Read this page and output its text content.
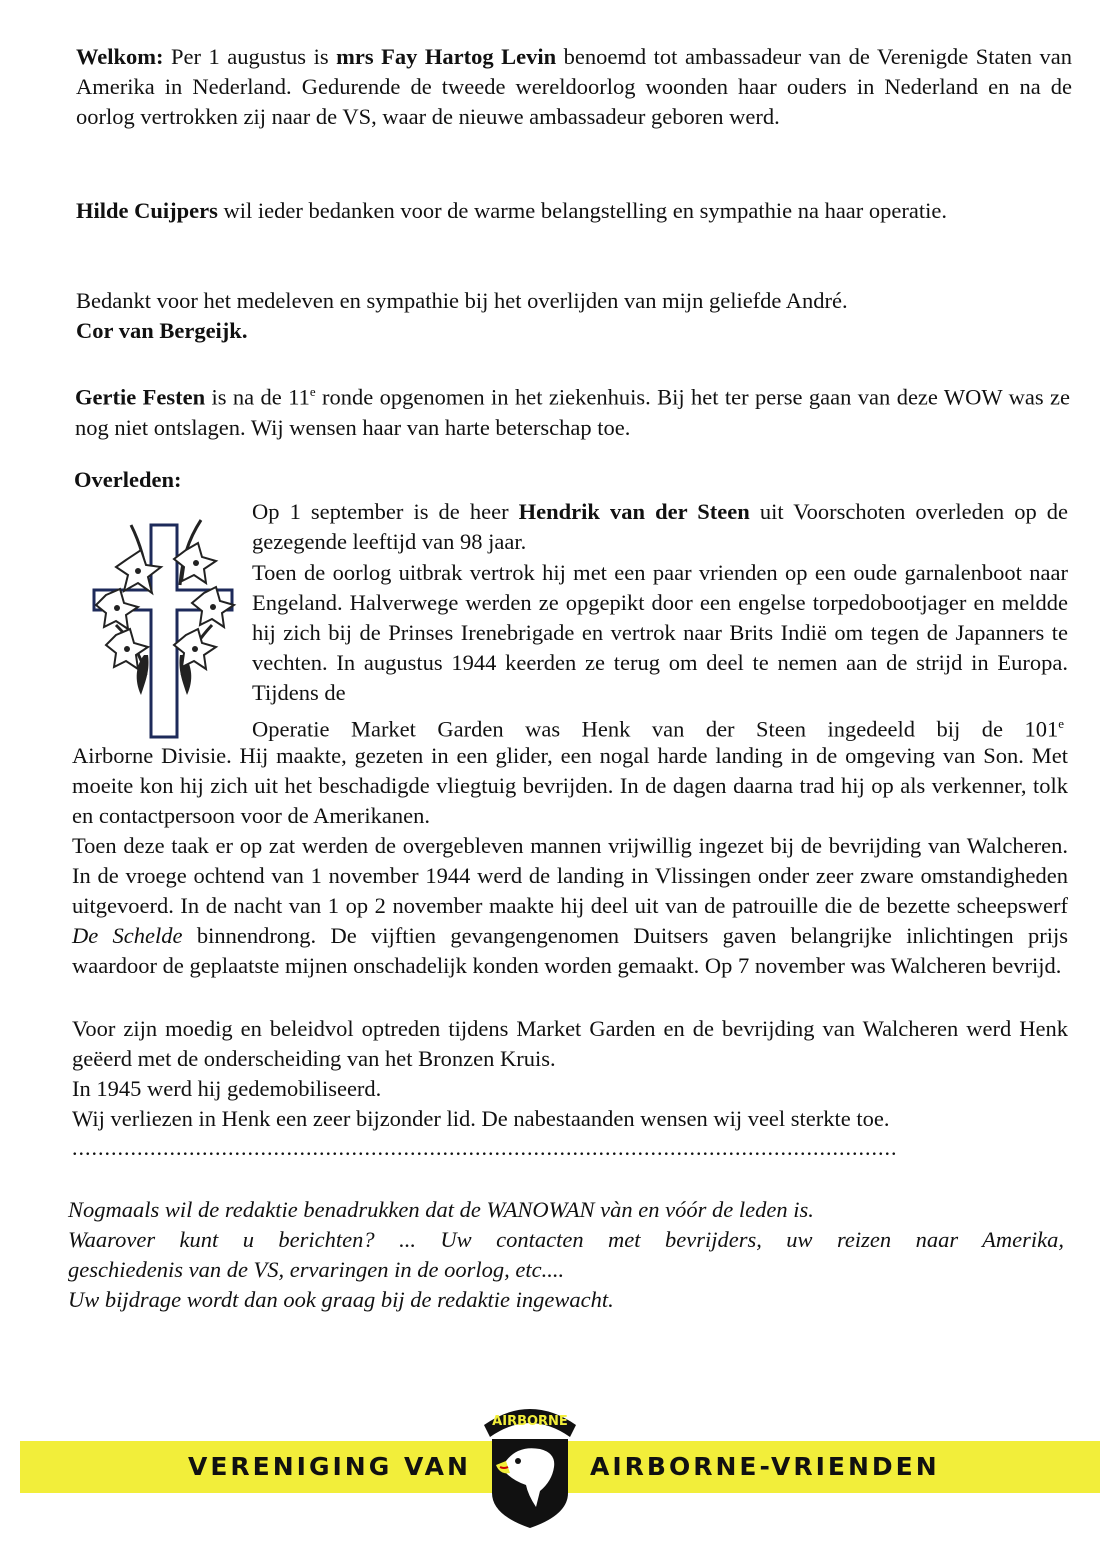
Welkom: Per 1 augustus is mrs Fay Hartog Levin benoemd tot ambassadeur van de Verenigde Staten van Amerika in Nederland. Gedurende de tweede wereldoorlog woonden haar ouders in Nederland en na de oorlog vertrokken zij naar de VS, waar de nieuwe ambassadeur geboren werd.
Hilde Cuijpers wil ieder bedanken voor de warme belangstelling en sympathie na haar operatie.
Bedankt voor het medeleven en sympathie bij het overlijden van mijn geliefde André.
Cor van Bergeijk.
Gertie Festen is na de 11e ronde opgenomen in het ziekenhuis. Bij het ter perse gaan van deze WOW was ze nog niet ontslagen. Wij wensen haar van harte beterschap toe.
Overleden:
Op 1 september is de heer Hendrik van der Steen uit Voorschoten overleden op de gezegende leeftijd van 98 jaar.
Toen de oorlog uitbrak vertrok hij met een paar vrienden op een oude garnalenboot naar Engeland. Halverwege werden ze opgepikt door een engelse torpedobootjager en meldde hij zich bij de Prinses Irenebrigade en vertrok naar Brits Indië om tegen de Japanners te vechten. In augustus 1944 keerden ze terug om deel te nemen aan de strijd in Europa. Tijdens de
Operatie Market Garden was Henk van der Steen ingedeeld bij de 101e
Airborne Divisie. Hij maakte, gezeten in een glider, een nogal harde landing in de omgeving van Son. Met moeite kon hij zich uit het beschadigde vliegtuig bevrijden. In de dagen daarna trad hij op als verkenner, tolk en contactpersoon voor de Amerikanen.
Toen deze taak er op zat werden de overgebleven mannen vrijwillig ingezet bij de bevrijding van Walcheren. In de vroege ochtend van 1 november 1944 werd de landing in Vlissingen onder zeer zware omstandigheden uitgevoerd. In de nacht van 1 op 2 november maakte hij deel uit van de patrouille die de bezette scheepswerf De Schelde binnendrong. De vijftien gevangengenomen Duitsers gaven belangrijke inlichtingen prijs waardoor de geplaatste mijnen onschadelijk konden worden gemaakt. Op 7 november was Walcheren bevrijd.
Voor zijn moedig en beleidvol optreden tijdens Market Garden en de bevrijding van Walcheren werd Henk geëerd met de onderscheiding van het Bronzen Kruis.
In 1945 werd hij gedemobiliseerd.
Wij verliezen in Henk een zeer bijzonder lid. De nabestaanden wensen wij veel sterkte toe.
...............................................................................................................................
Nogmaals wil de redaktie benadrukken dat de WANOWAN vàn en vóór de leden is.
Waarover kunt u berichten? ... Uw contacten met bevrijders, uw reizen naar Amerika,
geschiedenis van de VS, ervaringen in de oorlog, etc....
Uw bijdrage wordt dan ook graag bij de redaktie ingewacht.
VERENIGING VAN	AIRBORNE-VRIENDEN
AIRBORNE
